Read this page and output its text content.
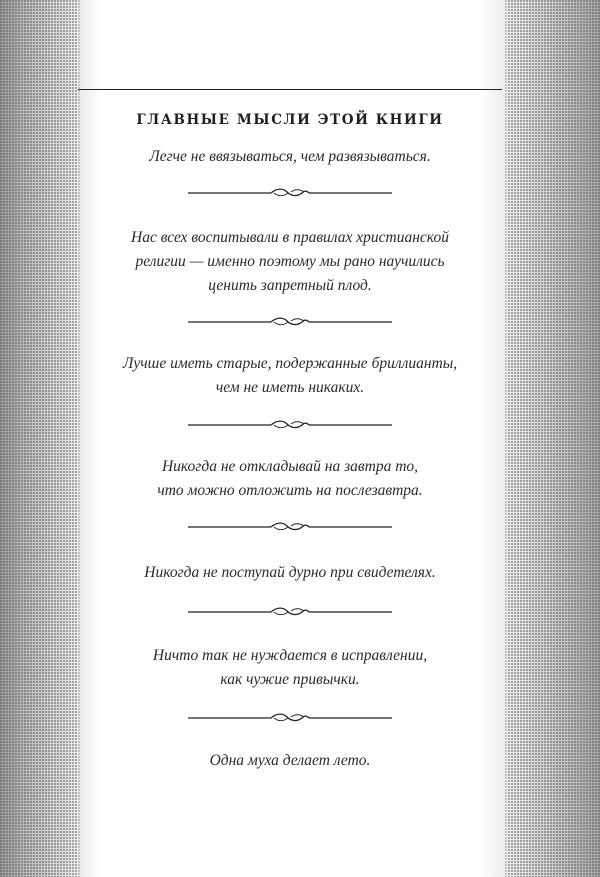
ГЛАВНЫЕ МЫСЛИ ЭТОЙ КНИГИ

Легче не ввязываться, чем развязываться.

Нас всех воспитывали в правилах христианской
религии — именно поэтому мы рано научились
ценить запретный плод.

Лучше иметь старые, подержанные бриллианты,
чем не иметь никаких.

Никогда не откладывай на завтра то,
что можно отложить на послезавтра.

Никогда не поступай дурно при свидетелях.

Ничто так не нуждается в исправлении,
как чужие привычки.

Одна муха делает лето.
